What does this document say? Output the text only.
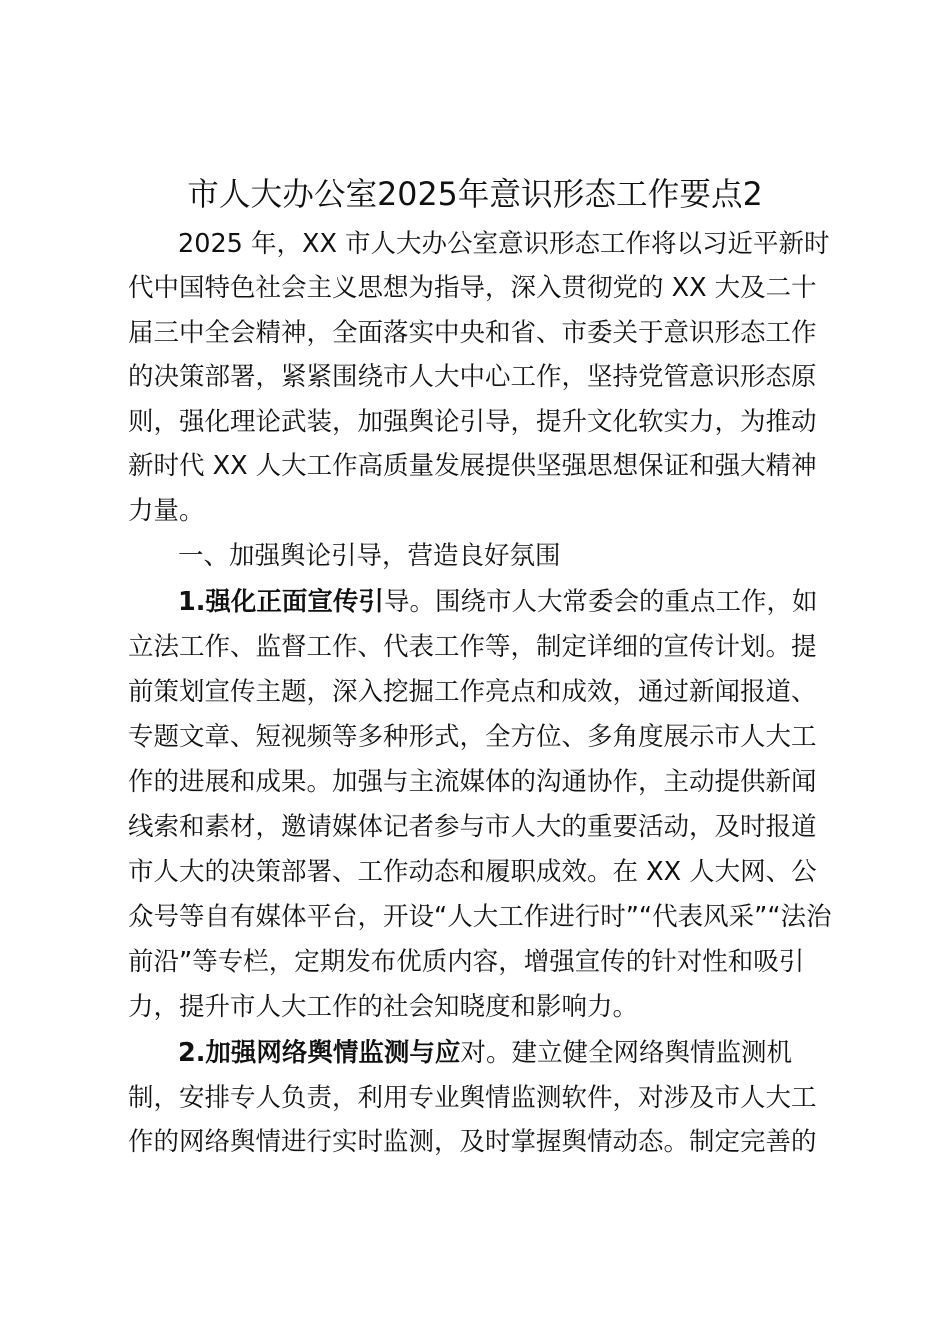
市人大办公室2025年意识形态工作要点2
2025 年，XX 市人大办公室意识形态工作将以习近平新时
代中国特色社会主义思想为指导，深入贯彻党的 XX 大及二十
届三中全会精神，全面落实中央和省、市委关于意识形态工作
的决策部署，紧紧围绕市人大中心工作，坚持党管意识形态原
则，强化理论武装，加强舆论引导，提升文化软实力，为推动
新时代 XX 人大工作高质量发展提供坚强思想保证和强大精神
力量。
一、加强舆论引导，营造良好氛围
1.强化正面宣传引导。围绕市人大常委会的重点工作，如
立法工作、监督工作、代表工作等，制定详细的宣传计划。提
前策划宣传主题，深入挖掘工作亮点和成效，通过新闻报道、
专题文章、短视频等多种形式，全方位、多角度展示市人大工
作的进展和成果。加强与主流媒体的沟通协作，主动提供新闻
线索和素材，邀请媒体记者参与市人大的重要活动，及时报道
市人大的决策部署、工作动态和履职成效。在 XX 人大网、公
众号等自有媒体平台，开设“人大工作进行时”“代表风采”“法治
前沿”等专栏，定期发布优质内容，增强宣传的针对性和吸引
力，提升市人大工作的社会知晓度和影响力。
2.加强网络舆情监测与应对。建立健全网络舆情监测机
制，安排专人负责，利用专业舆情监测软件，对涉及市人大工
作的网络舆情进行实时监测，及时掌握舆情动态。制定完善的
